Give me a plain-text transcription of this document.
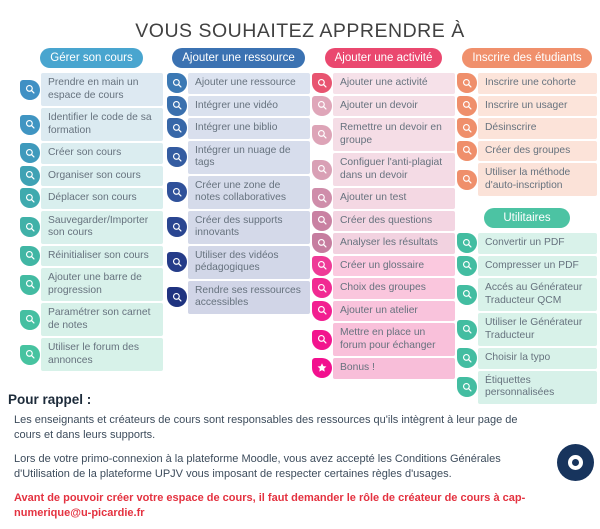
VOUS SOUHAITEZ APPRENDRE À
Gérer son cours
Prendre en main un espace de cours
Identifier le code de sa formation
Créer son cours
Organiser son cours
Déplacer son cours
Sauvegarder/Importer son cours
Réinitialiser son cours
Ajouter une barre de progression
Paramétrer son carnet de notes
Utiliser le forum des annonces
Ajouter une ressource
Ajouter une ressource
Intégrer une vidéo
Intégrer une biblio
Intégrer un nuage de tags
Créer une zone de notes collaboratives
Créer des supports innovants
Utiliser des vidéos pédagogiques
Rendre ses ressources accessibles
Ajouter une activité
Ajouter une activité
Ajouter un devoir
Remettre un devoir en groupe
Configuer l'anti-plagiat dans un devoir
Ajouter un test
Créer des questions
Analyser les résultats
Créer un glossaire
Choix des groupes
Ajouter un atelier
Mettre en place un forum pour échanger
Bonus !
Inscrire des étudiants
Inscrire une cohorte
Inscrire un usager
Désinscrire
Créer des groupes
Utiliser la méthode d'auto-inscription
Utilitaires
Convertir un PDF
Compresser un PDF
Accés au Générateur Traducteur QCM
Utiliser le Générateur Traducteur
Choisir la typo
Étiquettes personnalisées
Pour rappel :

Les enseignants et créateurs de cours sont responsables des ressources qu'ils intègrent à leur page de cours et dans leurs supports.

Lors de votre primo-connexion à la plateforme Moodle, vous avez accepté les Conditions Générales d'Utilisation de la plateforme UPJV vous imposant de respecter certaines règles d'usages.

Avant de pouvoir créer votre espace de cours, il faut demander le rôle de créateur de cours à cap-numerique@u-picardie.fr
